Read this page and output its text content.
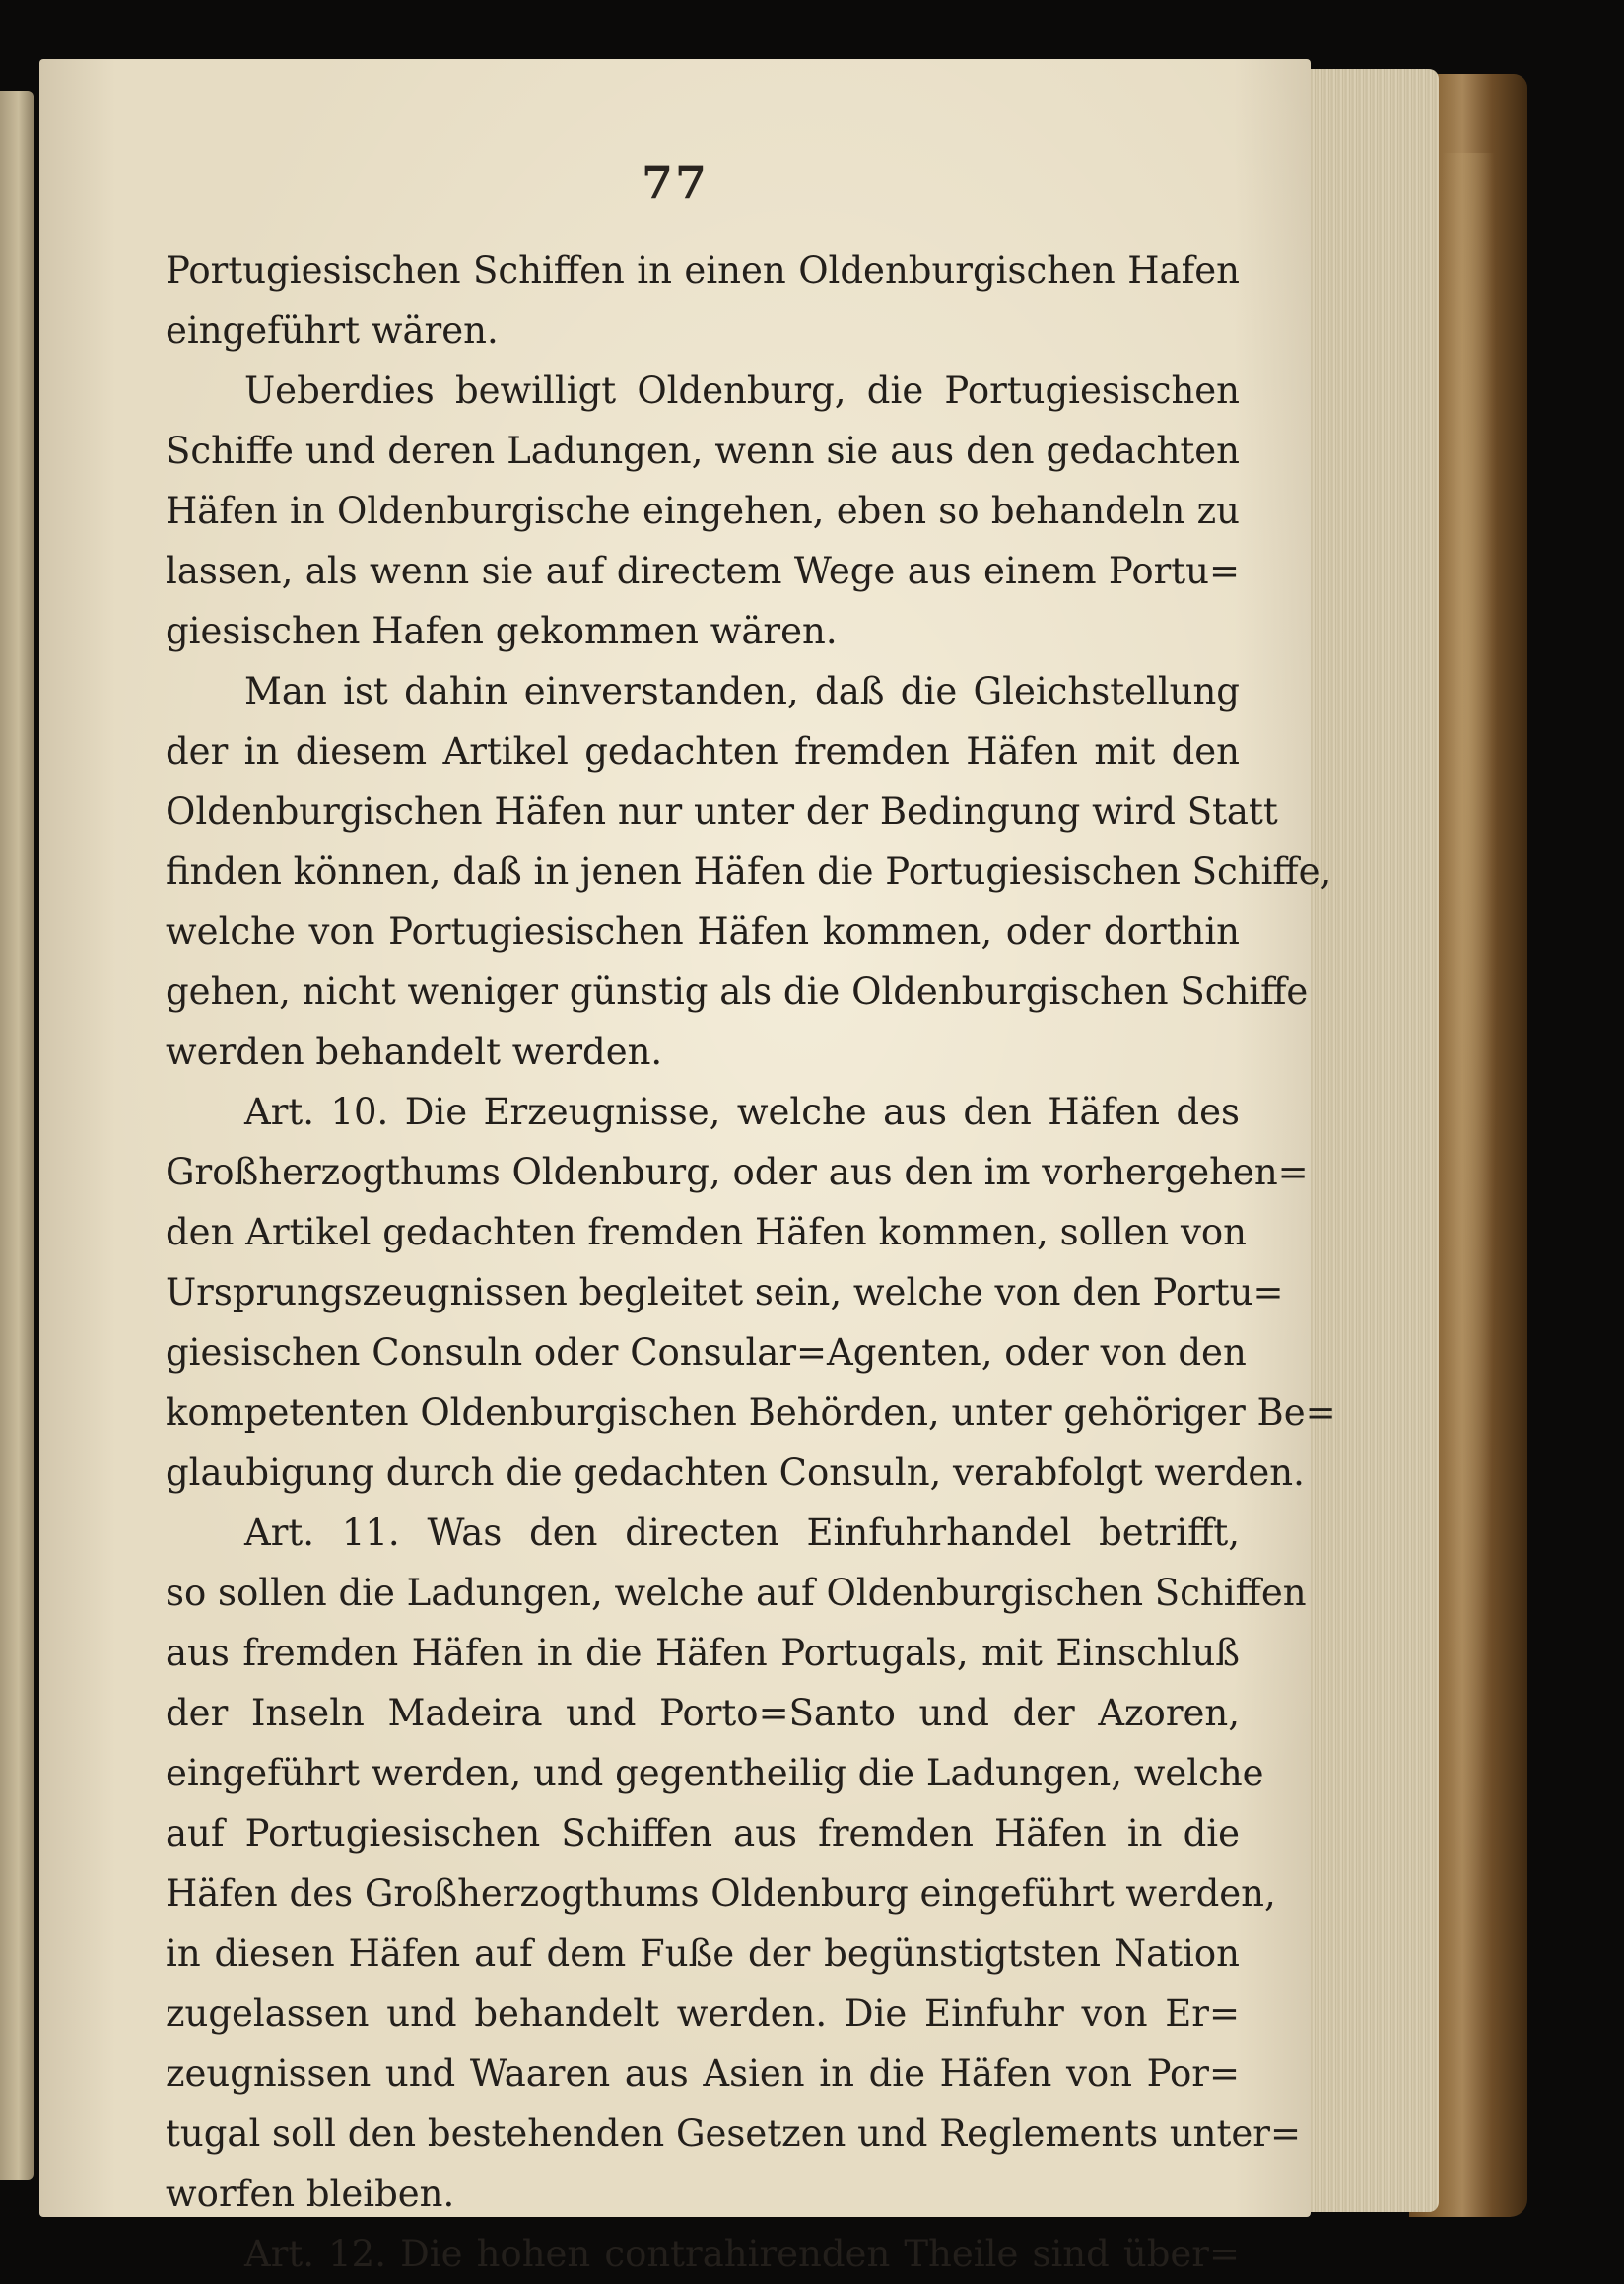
77
Portugiesischen Schiffen in einen Oldenburgischen Hafen
eingeführt wären.
Ueberdies bewilligt Oldenburg, die Portugiesischen
Schiffe und deren Ladungen, wenn sie aus den gedachten
Häfen in Oldenburgische eingehen, eben so behandeln zu
lassen, als wenn sie auf directem Wege aus einem Portu=
giesischen Hafen gekommen wären.
Man ist dahin einverstanden, daß die Gleichstellung
der in diesem Artikel gedachten fremden Häfen mit den
Oldenburgischen Häfen nur unter der Bedingung wird Statt
finden können, daß in jenen Häfen die Portugiesischen Schiffe,
welche von Portugiesischen Häfen kommen, oder dorthin
gehen, nicht weniger günstig als die Oldenburgischen Schiffe
werden behandelt werden.
Art. 10. Die Erzeugnisse, welche aus den Häfen des
Großherzogthums Oldenburg, oder aus den im vorhergehen=
den Artikel gedachten fremden Häfen kommen, sollen von
Ursprungszeugnissen begleitet sein, welche von den Portu=
giesischen Consuln oder Consular=Agenten, oder von den
kompetenten Oldenburgischen Behörden, unter gehöriger Be=
glaubigung durch die gedachten Consuln, verabfolgt werden.
Art. 11. Was den directen Einfuhrhandel betrifft,
so sollen die Ladungen, welche auf Oldenburgischen Schiffen
aus fremden Häfen in die Häfen Portugals, mit Einschluß
der Inseln Madeira und Porto=Santo und der Azoren,
eingeführt werden, und gegentheilig die Ladungen, welche
auf Portugiesischen Schiffen aus fremden Häfen in die
Häfen des Großherzogthums Oldenburg eingeführt werden,
in diesen Häfen auf dem Fuße der begünstigtsten Nation
zugelassen und behandelt werden. Die Einfuhr von Er=
zeugnissen und Waaren aus Asien in die Häfen von Por=
tugal soll den bestehenden Gesetzen und Reglements unter=
worfen bleiben.
Art. 12. Die hohen contrahirenden Theile sind über=
